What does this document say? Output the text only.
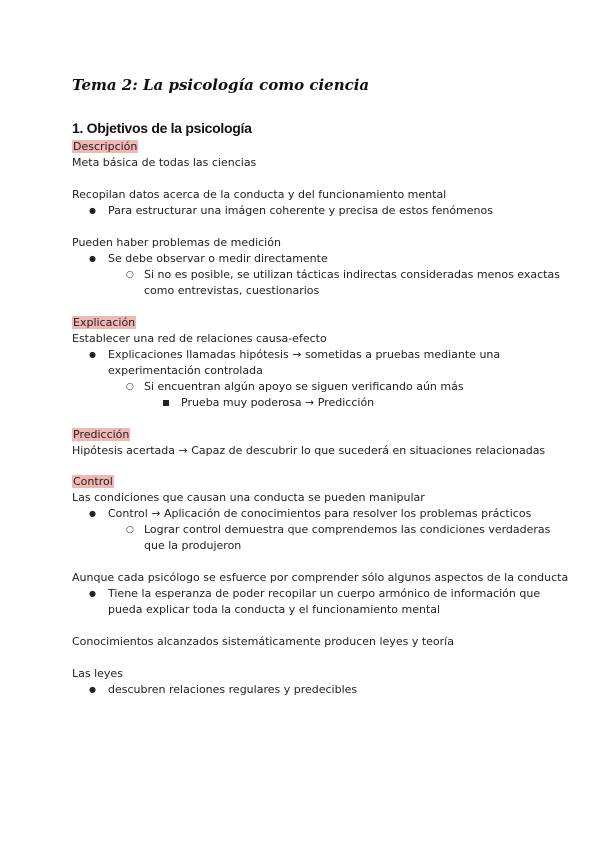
Tema 2: La psicología como ciencia
1. Objetivos de la psicología
Descripción
Meta básica de todas las ciencias
Recopilan datos acerca de la conducta y del funcionamiento mental
● Para estructurar una imágen coherente y precisa de estos fenómenos
Pueden haber problemas de medición
● Se debe observar o medir directamente
○ Si no es posible, se utilizan tácticas indirectas consideradas menos exactas
como entrevistas, cuestionarios
Explicación
Establecer una red de relaciones causa-efecto
● Explicaciones llamadas hipótesis → sometidas a pruebas mediante una
experimentación controlada
○ Si encuentran algún apoyo se siguen verificando aún más
Prueba muy poderosa → Predicción
Predicción
Hipótesis acertada → Capaz de descubrir lo que sucederá en situaciones relacionadas
Control
Las condiciones que causan una conducta se pueden manipular
● Control → Aplicación de conocimientos para resolver los problemas prácticos
○ Lograr control demuestra que comprendemos las condiciones verdaderas
que la produjeron
Aunque cada psicólogo se esfuerce por comprender sólo algunos aspectos de la conducta
● Tiene la esperanza de poder recopilar un cuerpo armónico de información que
pueda explicar toda la conducta y el funcionamiento mental
Conocimientos alcanzados sistemáticamente producen leyes y teoría
Las leyes
● descubren relaciones regulares y predecibles
